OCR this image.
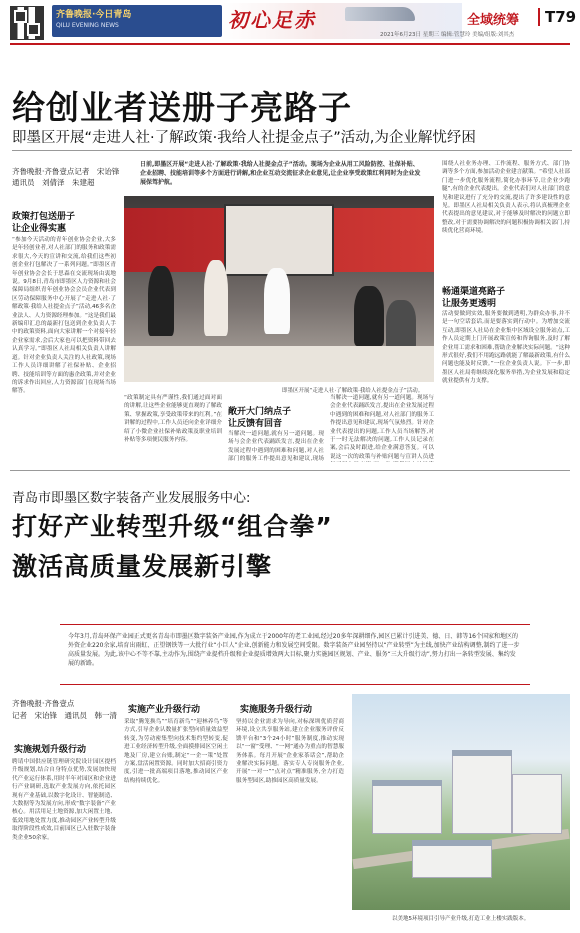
齐鲁晚报·今日青岛
QILU EVENING NEWS	初心足赤
2021年6月23日 星期三 编辑:管慧玲 美编/组版:刘其杰
全域统筹	T79
给创业者送册子亮路子
即墨区开展“走进人社·了解政策·我给人社提金点子”活动,为企业解忧纾困
齐鲁晚报·齐鲁壹点记者　宋诒锋
通讯员　刘倩泽　朱建超
日前,即墨区开展“走进人社·了解政策·我给人社提金点子”活动。现场为企业从用工风险防控、社保补贴、企业招聘、技能培训等多个方面进行讲解,和企业互动交流征求企业意见,让企业享受政策红利同时为企业发展保驾护航。
政策打包送册子
让企业得实惠
“参加今天活动的青年创业协会企业,大多是年轻创业者,对人社部门的服务和政策需求很大,今天的宣讲和交流,给我们这些初创企业打包解决了一系列问题。”即墨区青年创业协会会长于思森在交流现场由衷地说。9月8日,青岛市即墨区人力资源和社会保障局组织青年创业协会会员企业代表到区劳动保障服务中心开展了“走进人社·了解政策·我给人社提金点子”活动,46多名企业法人、人力资源经理参加。“这是我们最新编印汇总的最新打包送到企业负责人手中的政策资料,面向大家讲解一个对接年轻企业家需求,会后大家也可以把资料带回去认真学习。”即墨区人社局相关负责人讲解道。针对企业负责人关注的人社政策,现场工作人员详细讲解了社保补贴、企业招聘、技能培训等方面的惠企政策,并对企业的诉求作出回应,人力资源部门在现场当场解答。	即墨区开展“走进人社·了解政策·我给人社提金点子”活动。
“政策制定具有严谨性,我们通过面对面的讲解,让这些企业能够更直观的了解政策、掌握政策,享受政策带来的红利。”在讲解的过程中,工作人员还向企业详细介绍了小微企业社保补贴政策及职业培训补贴等多项便民服务内容。
敞开大门纳点子
让反馈有回音
当解决一道问题,就有另一道问题。现场与会企业代表踊跃发言,提出在企业发展过程中遇到的困难和问题,对人社部门的服务工作提出意见和建议,现场
当解决一道问题,就有另一道问题。现场与会企业代表踊跃发言,提出在企业发展过程中遇到的困难和问题,对人社部门的服务工作提出意见和建议,现场气氛热烈。针对企业代表提出的问题,工作人员当场解答,对于一时无法解决的问题,工作人员记录在案,会后及时跟进,给企业满意答复。可以说这一次的政策与补贴问题与宣讲人员进
围绕人社业务办理、工作流程、服务方式、部门协调等多个方面,参加活动企业建言献策。“希望人社部门进一步优化服务流程,简化办事环节,让企业少跑腿”,有的企业代表提出。企业代表们对人社部门的意见和建议进行了充分的交流,提出了许多建设性的意见。即墨区人社局相关负责人表示,将认真梳理企业代表提出的意见建议,对于能够及时解决的问题立即整改,对于需要协调解决的问题积极协调相关部门,持续优化营商环境。
畅通渠道亮路子
让服务更透明
活动要做到实效,服务要做到透明,为群众办事,并不是一句空话套话,而是要落实到行动中。为增加交流互动,即墨区人社局在企业集中区域设立服务站点,工作人员定期上门开展政策宣传和咨询服务,及时了解企业用工需求和困难,帮助企业解决实际问题。“这种形式很好,我们不用跑远路就能了解最新政策,有什么问题也能及时反馈。”一位企业负责人说。下一步,即墨区人社局将继续深化服务举措,为企业发展和稳定就业提供有力支撑。
青岛市即墨区数字装备产业发展服务中心:
打好产业转型升级“组合拳”
激活高质量发展新引擎
今年3月,青岛环保产业园正式更名青岛市即墨区数字装备产业园,作为成立于2000年的老工业园,经过20多年深耕细作,园区已累计引进美、德、日、韩等16个国家和地区的外资企业220余家,培育出雨虹、正望钢铁等一大批行业“小巨人”企业,创新能力和发展空间受限。数字装备产业园坚持以“产业转型”为主线,加快产业结构调整,制约了进一步高质量发展。为此,该中心不等不靠,主动作为,围绕产业提档升级和企业提质增效两大目标,聚力实施园区规划、产业、服务“三大升级行动”,努力打出一条转型发展、集约发展的新路。
齐鲁晚报·齐鲁壹点
记者　宋诒锋　通讯员　韩一清
实施规划升级行动
聘请中国供应链管理研究院设计园区提档升级规划,结合自身特点优势,发展加快现代产业运行体系,用时半年对园区和企业进行产业调研,选取产业发展方向,依托园区现有产业基础,以数字化设计、智能制造、大数据等为发展方向,形成“数字装备”产业核心。用活用足土地资源,加大闲置土地、低效用地处置力度,推动园区产业转型升级取得阶段性成效,目前园区已入驻数字装备类企业50余家。
实施产业升级行动
采取“腾笼换鸟”“培育新鸟”“迎林养鸟”等方式,引导企业认数量扩张型向质量效益型转变,为劳动密集型向技术集约型转变,促进工业经济转型升级,全面摸排园区空闲土地及厂房,建立台账,制定“一企一策”处置方案,盘活闲置资源。同时加大招商引资力度,引进一批高端项目落地,推动园区产业结构持续优化。
实施服务升级行动
坚持以企业需求为导向,对标深圳优质营商环境,设立共享服务站,建立企业服务评价反馈平台和“3个24小时”服务制度,推动实现以“一窗”受理、“一网”通办为重点的智慧服务体系。每月开展“企业家茶话会”,帮助企业解决实际问题。落实专人专岗服务企业,开展“一对一”“点对点”精准服务,全力打造服务型园区,助推园区高质量发展。
以美地5环境项目引导产业升级,打造工业上楼实践版本。
